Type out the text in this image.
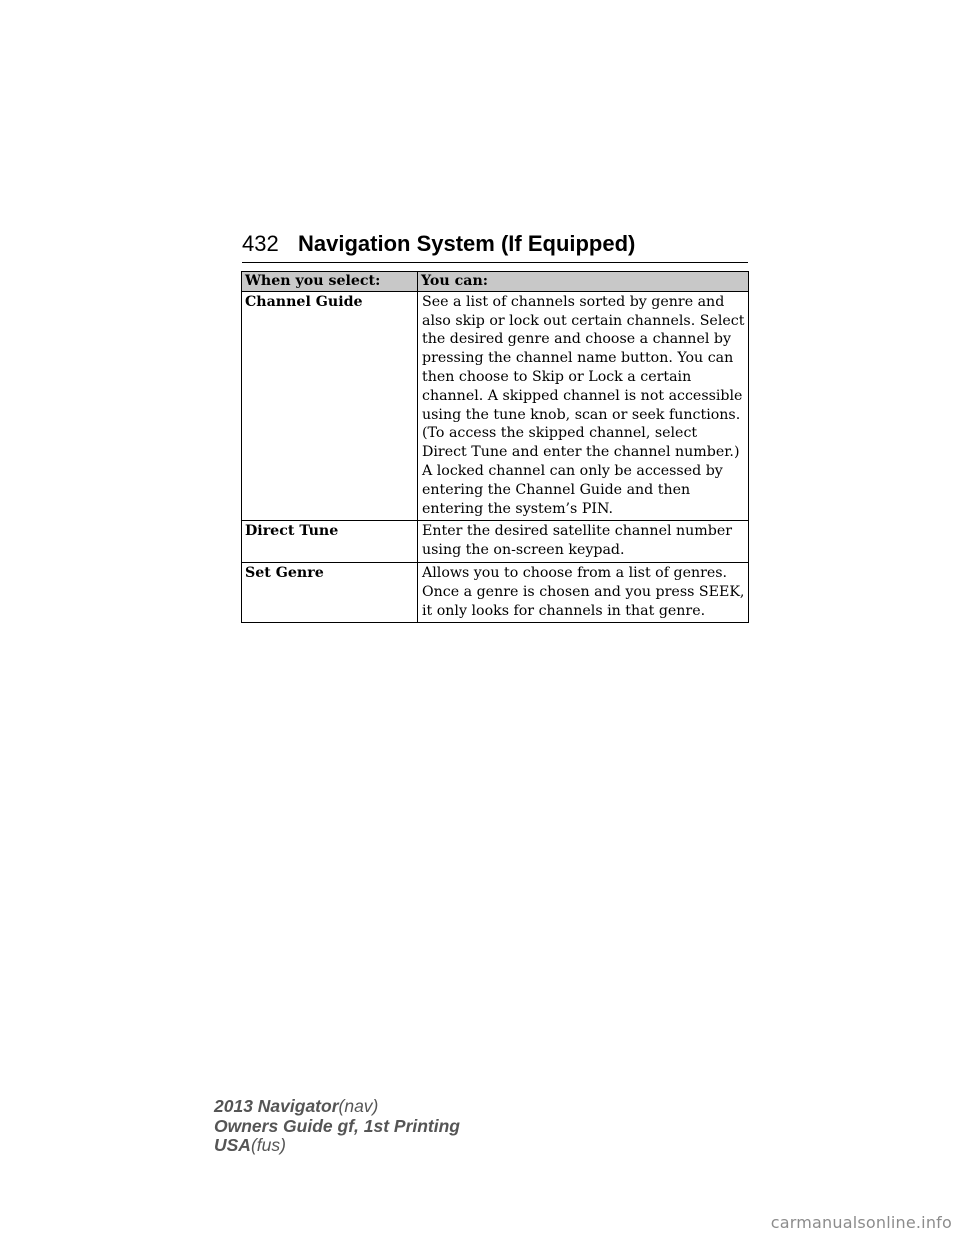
432 Navigation System (If Equipped)
When you select:	You can:
Channel Guide	See a list of channels sorted by genre and also skip or lock out certain channels. Select the desired genre and choose a channel by pressing the channel name button. You can then choose to Skip or Lock a certain channel. A skipped channel is not accessible using the tune knob, scan or seek functions. (To access the skipped channel, select Direct Tune and enter the channel number.) A locked channel can only be accessed by entering the Channel Guide and then entering the system’s PIN.
Direct Tune	Enter the desired satellite channel number using the on-screen keypad.
Set Genre	Allows you to choose from a list of genres. Once a genre is chosen and you press SEEK, it only looks for channels in that genre.
2013 Navigator(nav)
Owners Guide gf, 1st Printing
USA(fus)
carmanualsonline.info
